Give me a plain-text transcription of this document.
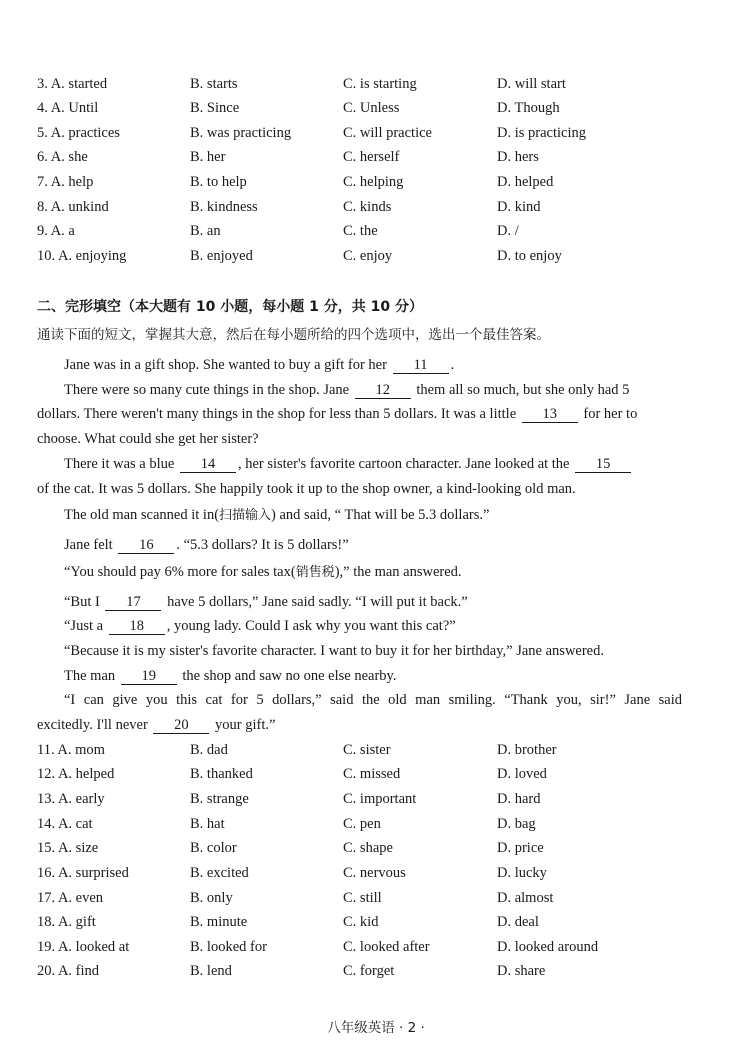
3. A. started	B. starts	C. is starting	D. will start
4. A. Until	B. Since	C. Unless	D. Though
5. A. practices	B. was practicing	C. will practice	D. is practicing
6. A. she	B. her	C. herself	D. hers
7. A. help	B. to help	C. helping	D. helped
8. A. unkind	B. kindness	C. kinds	D. kind
9. A. a	B. an	C. the	D. /
10. A. enjoying	B. enjoyed	C. enjoy	D. to enjoy
二、完形填空（本大题有 10 小题，每小题 1 分，共 10 分）
通读下面的短文，掌握其大意，然后在每小题所给的四个选项中，选出一个最佳答案。
Jane was in a gift shop. She wanted to buy a gift for her 11 .
There were so many cute things in the shop. Jane 12 them all so much, but she only had 5
dollars. There weren't many things in the shop for less than 5 dollars. It was a little 13 for her to
choose. What could she get her sister?
There it was a blue 14 , her sister's favorite cartoon character. Jane looked at the 15
of the cat. It was 5 dollars. She happily took it up to the shop owner, a kind-looking old man.
The old man scanned it in(扫描输入) and said, “ That will be 5.3 dollars.”
Jane felt 16 . “5.3 dollars? It is 5 dollars!”
“You should pay 6% more for sales tax(销售税),” the man answered.
“But I 17 have 5 dollars,” Jane said sadly. “I will put it back.”
“Just a 18 , young lady. Could I ask why you want this cat?”
“Because it is my sister's favorite character. I want to buy it for her birthday,” Jane answered.
The man 19 the shop and saw no one else nearby.
“I can give you this cat for 5 dollars,” said the old man smiling. “Thank you, sir!” Jane said
excitedly. I'll never 20 your gift.”
11. A. mom	B. dad	C. sister	D. brother
12. A. helped	B. thanked	C. missed	D. loved
13. A. early	B. strange	C. important	D. hard
14. A. cat	B. hat	C. pen	D. bag
15. A. size	B. color	C. shape	D. price
16. A. surprised	B. excited	C. nervous	D. lucky
17. A. even	B. only	C. still	D. almost
18. A. gift	B. minute	C. kid	D. deal
19. A. looked at	B. looked for	C. looked after	D. looked around
20. A. find	B. lend	C. forget	D. share
八年级英语 · 2 ·
